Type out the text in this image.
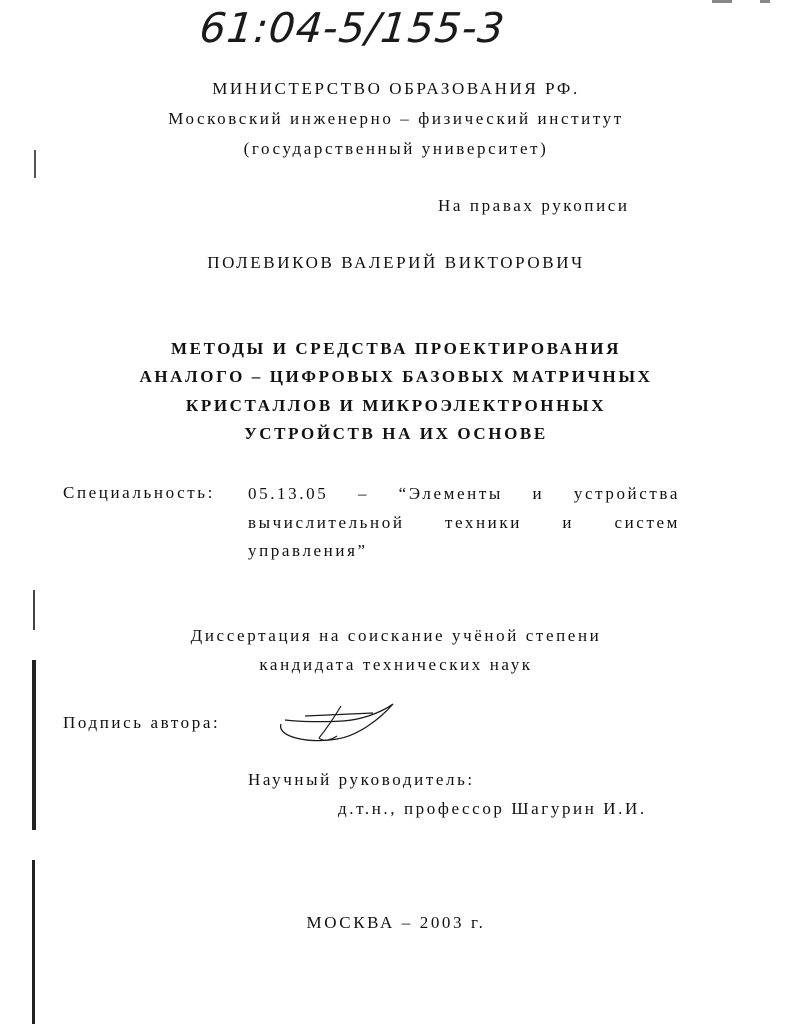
61:04-5/155-3
МИНИСТЕРСТВО ОБРАЗОВАНИЯ РФ.
Московский инженерно – физический институт
(государственный университет)
На правах рукописи
ПОЛЕВИКОВ ВАЛЕРИЙ ВИКТОРОВИЧ
МЕТОДЫ И СРЕДСТВА ПРОЕКТИРОВАНИЯ
АНАЛОГО – ЦИФРОВЫХ БАЗОВЫХ МАТРИЧНЫХ
КРИСТАЛЛОВ И МИКРОЭЛЕКТРОННЫХ
УСТРОЙСТВ НА ИХ ОСНОВЕ
Специальность: 05.13.05 – “Элементы и устройства
вычислительной техники и систем
управления”
Диссертация на соискание учёной степени
кандидата технических наук
Подпись автора:
Научный руководитель:
д.т.н., профессор Шагурин И.И.
МОСКВА – 2003 г.
